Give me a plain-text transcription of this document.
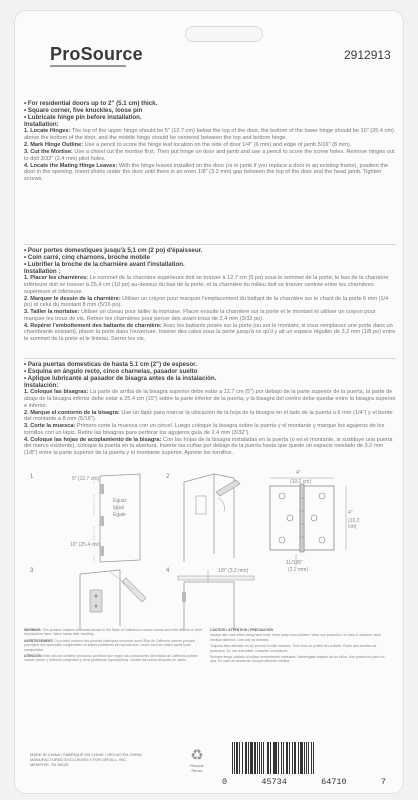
ProSource	2912913

• For residential doors up to 2" (5.1 cm) thick.

• Square corner, five knuckles, loose pin

• Lubricate hinge pin before installation.

Installation:

1. Locate Hinges: The top of the upper hinge should be 5" (12.7 cm) below the top of the door, the bottom of the lower hinge should be 10" (25.4 cm) above the bottom of the door, and the middle hinge should be centered between the top and bottom hinge.

2. Mark Hinge Outline: Use a pencil to score the hinge leaf location on the side of door 1/4" (6 mm) and edge of jamb 5/16" (8 mm).

3. Cut the Mortise: Use a chisel cut the mortise first. Then put hinge on door and jamb and use a pencil to score the screw holes. Remove hinges out to drill 3/32" (2.4 mm) pilot holes.

4. Locate the Mating Hinge Leaves: With the hinge leaves installed on the door (or in jamb if you replace a door in an existing frame), position the door in the opening. Insert shims under the door until there is an even 1/8" (3.2 mm) gap between the top of the door and the head jamb. Tighten screws.

• Pour portes domestiques jusqu'à 5,1 cm (2 po) d'épaisseur.

• Coin carré, cinq charnons, broche mobile

• Lubrifier la broche de la charnière avant l'installation.

Installation :

1. Placer les charnières: Le sommet de la charnière supérieure doit se trouver à 12,7 cm (5 po) sous le sommet de la porte; le bas de la charnière inférieure doit se trouver à 25,4 cm (10 po) au-dessus du bas de la porte; et la charnière du milieu doit se trouver centrée entre les charnières supérieure et inférieure.

2. Marquer le dessin de la charnière: Utiliser un crayon pour marquer l'emplacement du battant de la charnière sur le chant de la porte 6 mm (1/4 po) et celui du montant 8 mm (5/16 po).

3. Tailler la mortaise: Utiliser un ciseau pour tailler la mortaise. Placer ensuite la charnière sur la porte et le montant et utiliser un crayon pour marquer les trous de vis. Retirer les charnières pour percer des avant-trous de 2,4 mm (3/32 po).

4. Repérer l'emboîtement des battants de charnière: Avec les battants posés sur la porte (ou sur le montant, si vous remplacez une porte dans un chambranle existant), placer la porte dans l'ouverture. Insérer des cales sous la porte jusqu'à ce qu'il y ait un espace régulier de 3,2 mm (1/8 po) entre le sommet de la porte et le linteau. Serrer les vis.

• Para puertas domesticas de hasta 5.1 cm (2") de espesor.

• Esquina en ángulo recto, cinco charnelas, pasador suelto

• Aplique lubricante al pasador de bisagra antes de la instalación.

Instalación:

1. Coloque las bisagras: La parte de arriba de la bisagra superior debe estar a 12.7 cm (5") por debajo de la parte superior de la puerta, la parte de abajo de la bisagra inferior debe estar a 25.4 cm (10") sobre la parte inferior de la puerta, y la bisagra del centro debe quedar entre la bisagra superior e inferior.

2. Marque el contorno de la bisagra: Use un lápiz para marcar la ubicación de la hoja de la bisagra en el lado de la puerta a 6 mm (1/4") y el borde del montante a 8 mm (5/16").

3. Corte la muesca: Primero corte la muesca con un cincel. Luego coloque la bisagra sobre la puerta y el montante y marque los agujeros de los tornillos con un lápiz. Retire las bisagras para perforar los agujeros guía de 2.4 mm (3/32").

4. Coloque las hojas de acoplamiento de la bisagra: Con las hojas de la bisagra instaladas en la puerta (o en el montante, si sustituye una puerta del marco existente), coloque la puerta en la abertura. Inserte las cuñas por debajo de la puerta hasta que quede un espacio nivelado de 3.2 mm (1/8") entre la parte superior de la puerta y el montante superior. Apriete los tornillos.

1	5" (12.7 cm)
Equal
Igual
Égale
10" (25.4 cm)
2
4"
(10.2 cm)
4"
(10.2 cm)
11/128"
(2.2 mm)
3	4	1/8" (3.2 mm)

WARNING: This product contains chemicals known to the State of California to cause cancer and birth defects or other reproductive harm. Wash hands after handling.

AVERTISSEMENT: Ce produit contient des produits chimiques reconnus dans l'État de Californie comme pouvant provoquer des anomalies congénitales ou autres problèmes de reproduction. Lavez-vous les mains après toute manipulation.

ATENCIÓN: Este artículo contiene productos químicos que según las conclusiones del estado de California pueden causar cáncer y defectos congénitos y otros problemas reproductivos. Lávese las manos después de usarlo.

CAUTION / ATTENTION / PRECAUCIÓN

Always take care when using hand tools. Keep away from children. Wear eye protection. In case of accident, seek medical attention. Use only as directed.

Toujours faire attention en se servant d'outils manuels. Tenir hors de portée des enfants. Porter des lunettes de protection. En cas d'accident, consulter un médecin.

Siempre tenga cuidado al utilizar herramientas manuales. Manténgase alejado de los niños. Use protección para los ojos. En caso de accidente, busque atención médica.

MADE IN CHINA / FABRIQUÉ EN CHINE / HECHO EN CHINA
MANUFACTURED EXCLUSIVELY FOR ORGILL, INC.
MEMPHIS, TN 38125
♻
Recycle
Reuse
0	45734	64710	7
